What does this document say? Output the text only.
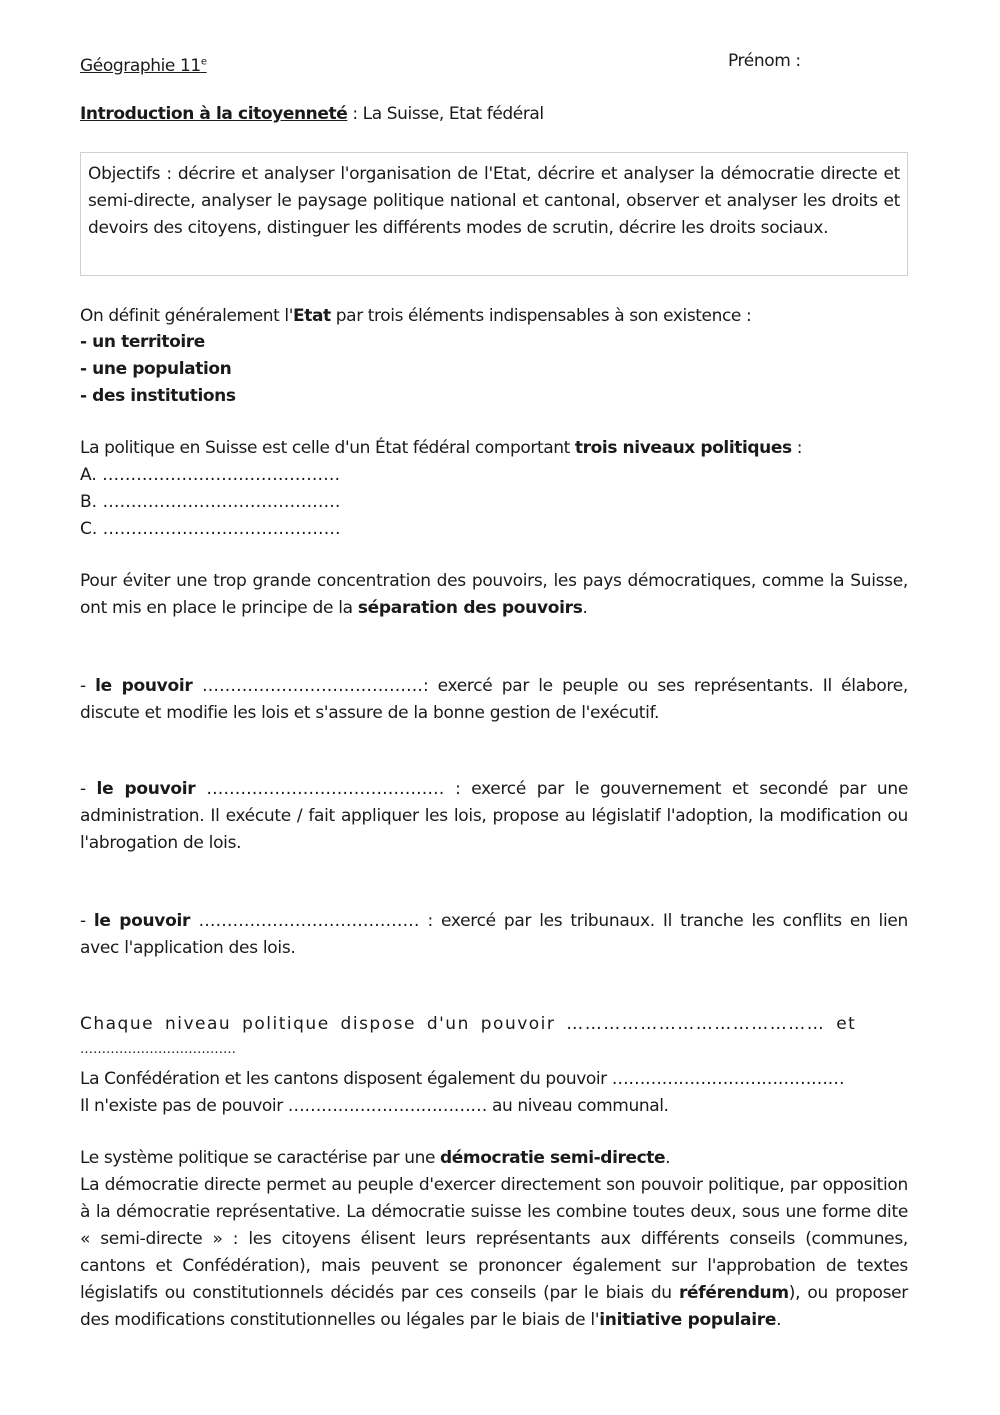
Géographie 11e	Prénom :
Introduction à la citoyenneté : La Suisse, Etat fédéral

Objectifs : décrire et analyser l'organisation de l'Etat, décrire et analyser la démocratie directe et semi-directe, analyser le paysage politique national et cantonal, observer et analyser les droits et devoirs des citoyens, distinguer les différents modes de scrutin, décrire les droits sociaux.

On définit généralement l'Etat par trois éléments indispensables à son existence :
- un territoire
- une population
- des institutions
La politique en Suisse est celle d'un État fédéral comportant trois niveaux politiques :
A. ……………………………………
B. ……………………………………
C. ……………………………………
Pour éviter une trop grande concentration des pouvoirs, les pays démocratiques, comme la Suisse, ont mis en place le principe de la séparation des pouvoirs.
- le pouvoir …………………………………: exercé par le peuple ou ses représentants. Il élabore, discute et modifie les lois et s'assure de la bonne gestion de l'exécutif.
- le pouvoir …………………………………… : exercé par le gouvernement et secondé par une administration. Il exécute / fait appliquer les lois, propose au législatif l'adoption, la modification ou l'abrogation de lois.
- le pouvoir ………………………………… : exercé par les tribunaux. Il tranche les conflits en lien avec l'application des lois.
Chaque niveau politique dispose d'un pouvoir …………………………………… et
………………………………
La Confédération et les cantons disposent également du pouvoir ……………………………………
Il n'existe pas de pouvoir ……………………………… au niveau communal.
Le système politique se caractérise par une démocratie semi-directe.
La démocratie directe permet au peuple d'exercer directement son pouvoir politique, par opposition à la démocratie représentative. La démocratie suisse les combine toutes deux, sous une forme dite « semi-directe » : les citoyens élisent leurs représentants aux différents conseils (communes, cantons et Confédération), mais peuvent se prononcer également sur l'approbation de textes législatifs ou constitutionnels décidés par ces conseils (par le biais du référendum), ou proposer des modifications constitutionnelles ou légales par le biais de l'initiative populaire.
